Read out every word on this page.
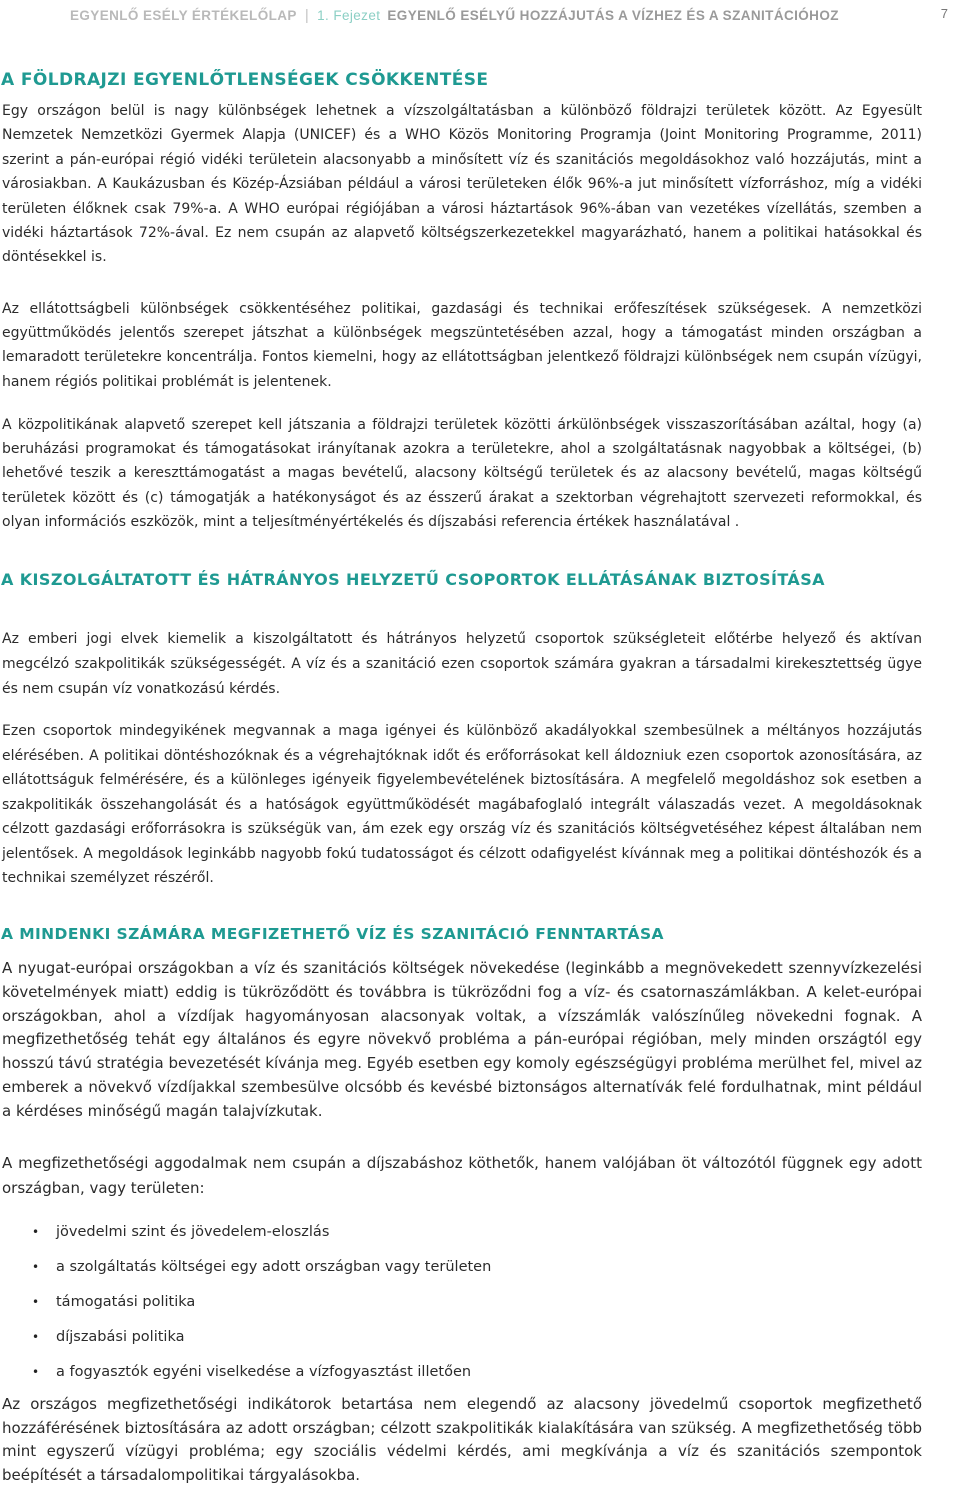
EGYENLŐ ESÉLY ÉRTÉKELŐLAP | 1. Fejezet EGYENLŐ ESÉLYŰ HOZZÁJUTÁS A VÍZHEZ ÉS A SZANITÁCIÓHOZ	7
A FÖLDRAJZI EGYENLŐTLENSÉGEK CSÖKKENTÉSE

Egy országon belül is nagy különbségek lehetnek a vízszolgáltatásban a különböző földrajzi területek között. Az Egyesült Nemzetek Nemzetközi Gyermek Alapja (UNICEF) és a WHO Közös Monitoring Programja (Joint Monitoring Programme, 2011) szerint a pán-európai régió vidéki területein alacsonyabb a minősített víz és szanitációs megoldásokhoz való hozzájutás, mint a városiakban. A Kaukázusban és Közép-Ázsiában például a városi területeken élők 96%-a jut minősített vízforráshoz, míg a vidéki területen élőknek csak 79%-a. A WHO európai régiójában a városi háztartások 96%-ában van vezetékes vízellátás, szemben a vidéki háztartások 72%-ával. Ez nem csupán az alapvető költségszerkezetekkel magyarázható, hanem a politikai hatásokkal és döntésekkel is.

Az ellátottságbeli különbségek csökkentéséhez politikai, gazdasági és technikai erőfeszítések szükségesek. A nemzetközi együttműködés jelentős szerepet játszhat a különbségek megszüntetésében azzal, hogy a támogatást minden országban a lemaradott területekre koncentrálja. Fontos kiemelni, hogy az ellátottságban jelentkező földrajzi különbségek nem csupán vízügyi, hanem régiós politikai problémát is jelentenek.

A közpolitikának alapvető szerepet kell játszania a földrajzi területek közötti árkülönbségek visszaszorításában azáltal, hogy (a) beruházási programokat és támogatásokat irányítanak azokra a területekre, ahol a szolgáltatásnak nagyobbak a költségei, (b) lehetővé teszik a kereszttámogatást a magas bevételű, alacsony költségű területek és az alacsony bevételű, magas költségű területek között és (c) támogatják a hatékonyságot és az ésszerű árakat a szektorban végrehajtott szervezeti reformokkal, és olyan információs eszközök, mint a teljesítményértékelés és díjszabási referencia értékek használatával .

A KISZOLGÁLTATOTT ÉS HÁTRÁNYOS HELYZETŰ CSOPORTOK ELLÁTÁSÁNAK BIZTOSÍTÁSA

Az emberi jogi elvek kiemelik a kiszolgáltatott és hátrányos helyzetű csoportok szükségleteit előtérbe helyező és aktívan megcélzó szakpolitikák szükségességét. A víz és a szanitáció ezen csoportok számára gyakran a társadalmi kirekesztettség ügye és nem csupán víz vonatkozású kérdés.

Ezen csoportok mindegyikének megvannak a maga igényei és különböző akadályokkal szembesülnek a méltányos hozzájutás elérésében. A politikai döntéshozóknak és a végrehajtóknak időt és erőforrásokat kell áldozniuk ezen csoportok azonosítására, az ellátottságuk felmérésére, és a különleges igényeik figyelembevételének biztosítására. A megfelelő megoldáshoz sok esetben a szakpolitikák összehangolását és a hatóságok együttműködését magábafoglaló integrált válaszadás vezet. A megoldásoknak célzott gazdasági erőforrásokra is szükségük van, ám ezek egy ország víz és szanitációs költségvetéséhez képest általában nem jelentősek. A megoldások leginkább nagyobb fokú tudatosságot és célzott odafigyelést kívánnak meg a politikai döntéshozók és a technikai személyzet részéről.

A MINDENKI SZÁMÁRA MEGFIZETHETŐ VÍZ ÉS SZANITÁCIÓ FENNTARTÁSA

A nyugat-európai országokban a víz és szanitációs költségek növekedése (leginkább a megnövekedett szennyvízkezelési követelmények miatt) eddig is tükröződött és továbbra is tükröződni fog a víz- és csatornaszámlákban. A kelet-európai országokban, ahol a vízdíjak hagyományosan alacsonyak voltak, a vízszámlák valószínűleg növekedni fognak. A megfizethetőség tehát egy általános és egyre növekvő probléma a pán-európai régióban, mely minden országtól egy hosszú távú stratégia bevezetését kívánja meg. Egyéb esetben egy komoly egészségügyi probléma merülhet fel, mivel az emberek a növekvő vízdíjakkal szembesülve olcsóbb és kevésbé biztonságos alternatívák felé fordulhatnak, mint például a kérdéses minőségű magán talajvízkutak.

A megfizethetőségi aggodalmak nem csupán a díjszabáshoz köthetők, hanem valójában öt változótól függnek egy adott országban, vagy területen:

• jövedelmi szint és jövedelem-eloszlás
• a szolgáltatás költségei egy adott országban vagy területen
• támogatási politika
• díjszabási politika
• a fogyasztók egyéni viselkedése a vízfogyasztást illetően

Az országos megfizethetőségi indikátorok betartása nem elegendő az alacsony jövedelmű csoportok megfizethető hozzáférésének biztosítására az adott országban; célzott szakpolitikák kialakítására van szükség. A megfizethetőség több mint egyszerű vízügyi probléma; egy szociális védelmi kérdés, ami megkívánja a víz és szanitációs szempontok beépítését a társadalompolitikai tárgyalásokba.
